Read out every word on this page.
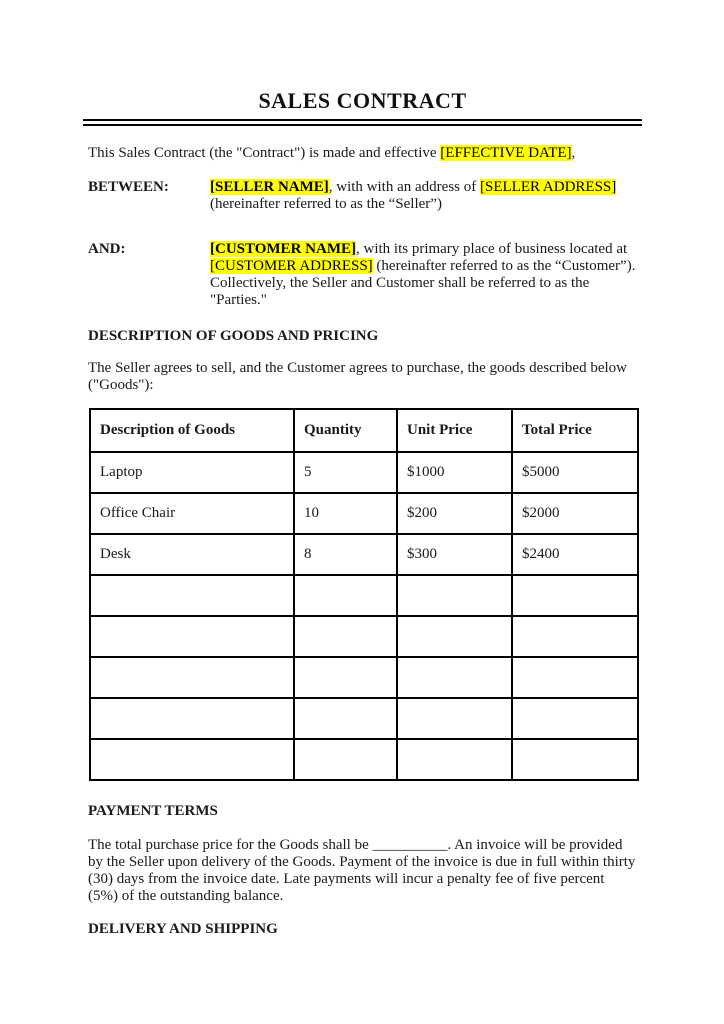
SALES CONTRACT

This Sales Contract (the "Contract") is made and effective [EFFECTIVE DATE],

BETWEEN:	[SELLER NAME], with with an address of [SELLER ADDRESS] (hereinafter referred to as the “Seller”)
AND:	[CUSTOMER NAME], with its primary place of business located at [CUSTOMER ADDRESS] (hereinafter referred to as the “Customer”). Collectively, the Seller and Customer shall be referred to as the "Parties."
DESCRIPTION OF GOODS AND PRICING

The Seller agrees to sell, and the Customer agrees to purchase, the goods described below ("Goods"):

Description of Goods	Quantity	Unit Price	Total Price
Laptop	5	$1000	$5000
Office Chair	10	$200	$2000
Desk	8	$300	$2400

PAYMENT TERMS

The total purchase price for the Goods shall be __________. An invoice will be provided by the Seller upon delivery of the Goods. Payment of the invoice is due in full within thirty (30) days from the invoice date. Late payments will incur a penalty fee of five percent (5%) of the outstanding balance.

DELIVERY AND SHIPPING
